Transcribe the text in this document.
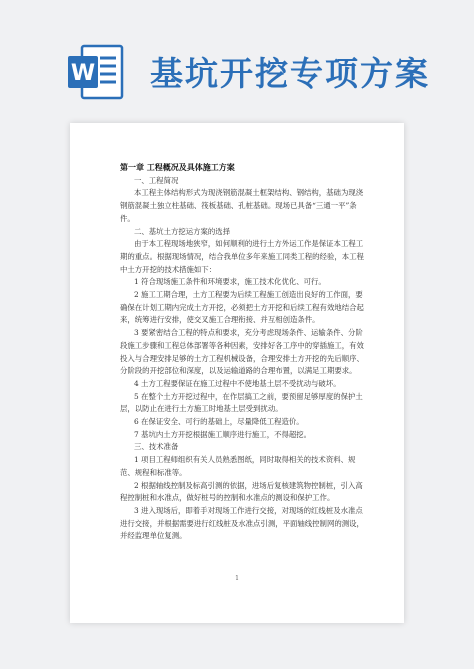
W 基坑开挖专项方案

第一章 工程概况及具体施工方案

一、工程简况

本工程主体结构形式为现浇钢筋混凝土框架结构、钢结构，基础为现浇钢筋混凝土独立柱基础、筏板基础、孔桩基础。现场已具备“三通一平”条件。

二、基坑土方挖运方案的选择

由于本工程现场地狭窄，如何顺利的进行土方外运工作是保证本工程工期的重点。根据现场情况，结合我单位多年来施工同类工程的经验，本工程中土方开挖的技术措施如下：

1 符合现场施工条件和环境要求，施工技术化优化、可行。

2 施工工期合理，土方工程要为后续工程施工创造出良好的工作面，要确保在计划工期内完成土方开挖，必须把土方开挖和后续工程有效地结合起来，统筹进行安排，使交叉施工合理衔接、并互相创造条件。

3 要紧密结合工程的特点和要求，充分考虑现场条件、运输条件、分阶段施工步骤和工程总体部署等各种因素，安排好各工序中的穿插施工，有效投入与合理安排足够的土方工程机械设备，合理安排土方开挖的先后顺序、分阶段的开挖部位和深度，以及运输道路的合理布置，以满足工期要求。

4 土方工程要保证在施工过程中不使地基土层不受扰动与破坏。

5 在整个土方开挖过程中，在作层搞工之前，要预留足够厚度的保护土层，以防止在进行土方施工时地基土层受到扰动。

6 在保证安全、可行的基础上，尽量降低工程造价。

7 基坑内土方开挖根据施工顺序进行施工，不得超挖。

三、技术准备

1 项目工程师组织有关人员熟悉图纸，同时取得相关的技术资料、规范、规程和标准等。

2 根据轴线控制及标高引测的依据，进场后复核建筑物控制桩，引入高程控制桩和水准点，做好桩号的控制和水准点的测设和保护工作。

3 进入现场后，即着手对现场工作进行交接，对现场的红线桩及水准点进行交接，并根据需要进行红线桩及水准点引测，平面轴线控制网的测设，并经监理单位复测。

1
